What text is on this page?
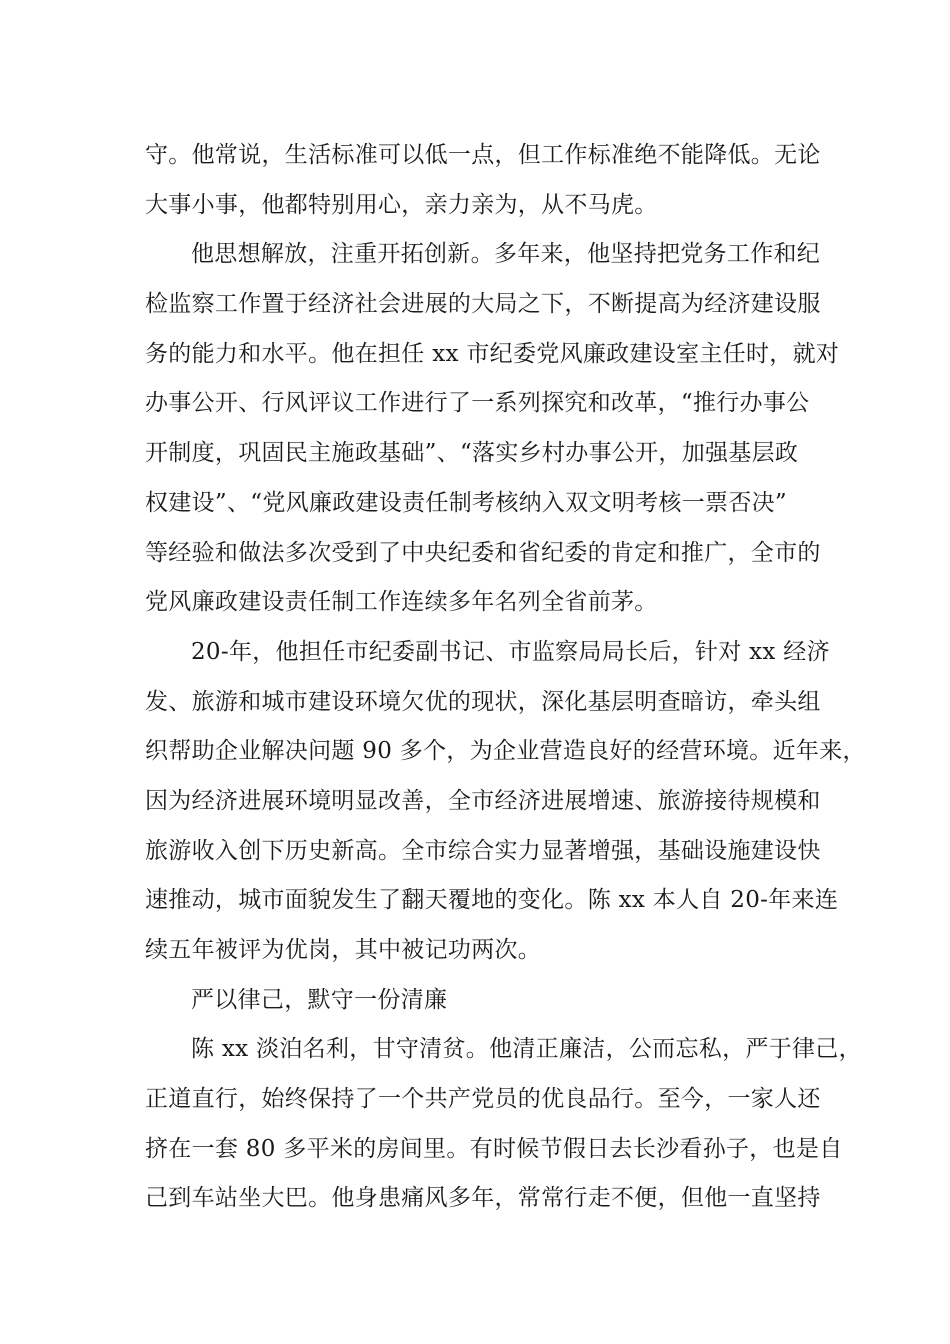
守。他常说，生活标准可以低一点，但工作标准绝不能降低。无论
大事小事，他都特别用心，亲力亲为，从不马虎。
他思想解放，注重开拓创新。多年来，他坚持把党务工作和纪
检监察工作置于经济社会进展的大局之下，不断提高为经济建设服
务的能力和水平。他在担任 xx 市纪委党风廉政建设室主任时，就对
办事公开、行风评议工作进行了一系列探究和改革，“推行办事公
开制度，巩固民主施政基础”、“落实乡村办事公开，加强基层政
权建设”、“党风廉政建设责任制考核纳入双文明考核一票否决”
等经验和做法多次受到了中央纪委和省纪委的肯定和推广，全市的
党风廉政建设责任制工作连续多年名列全省前茅。
20-年，他担任市纪委副书记、市监察局局长后，针对 xx 经济
发、旅游和城市建设环境欠优的现状，深化基层明查暗访，牵头组
织帮助企业解决问题 90 多个，为企业营造良好的经营环境。近年来，
因为经济进展环境明显改善，全市经济进展增速、旅游接待规模和
旅游收入创下历史新高。全市综合实力显著增强，基础设施建设快
速推动，城市面貌发生了翻天覆地的变化。陈 xx 本人自 20-年来连
续五年被评为优岗，其中被记功两次。
严以律己，默守一份清廉
陈 xx 淡泊名利，甘守清贫。他清正廉洁，公而忘私，严于律己，
正道直行，始终保持了一个共产党员的优良品行。至今，一家人还
挤在一套 80 多平米的房间里。有时候节假日去长沙看孙子，也是自
己到车站坐大巴。他身患痛风多年，常常行走不便，但他一直坚持
